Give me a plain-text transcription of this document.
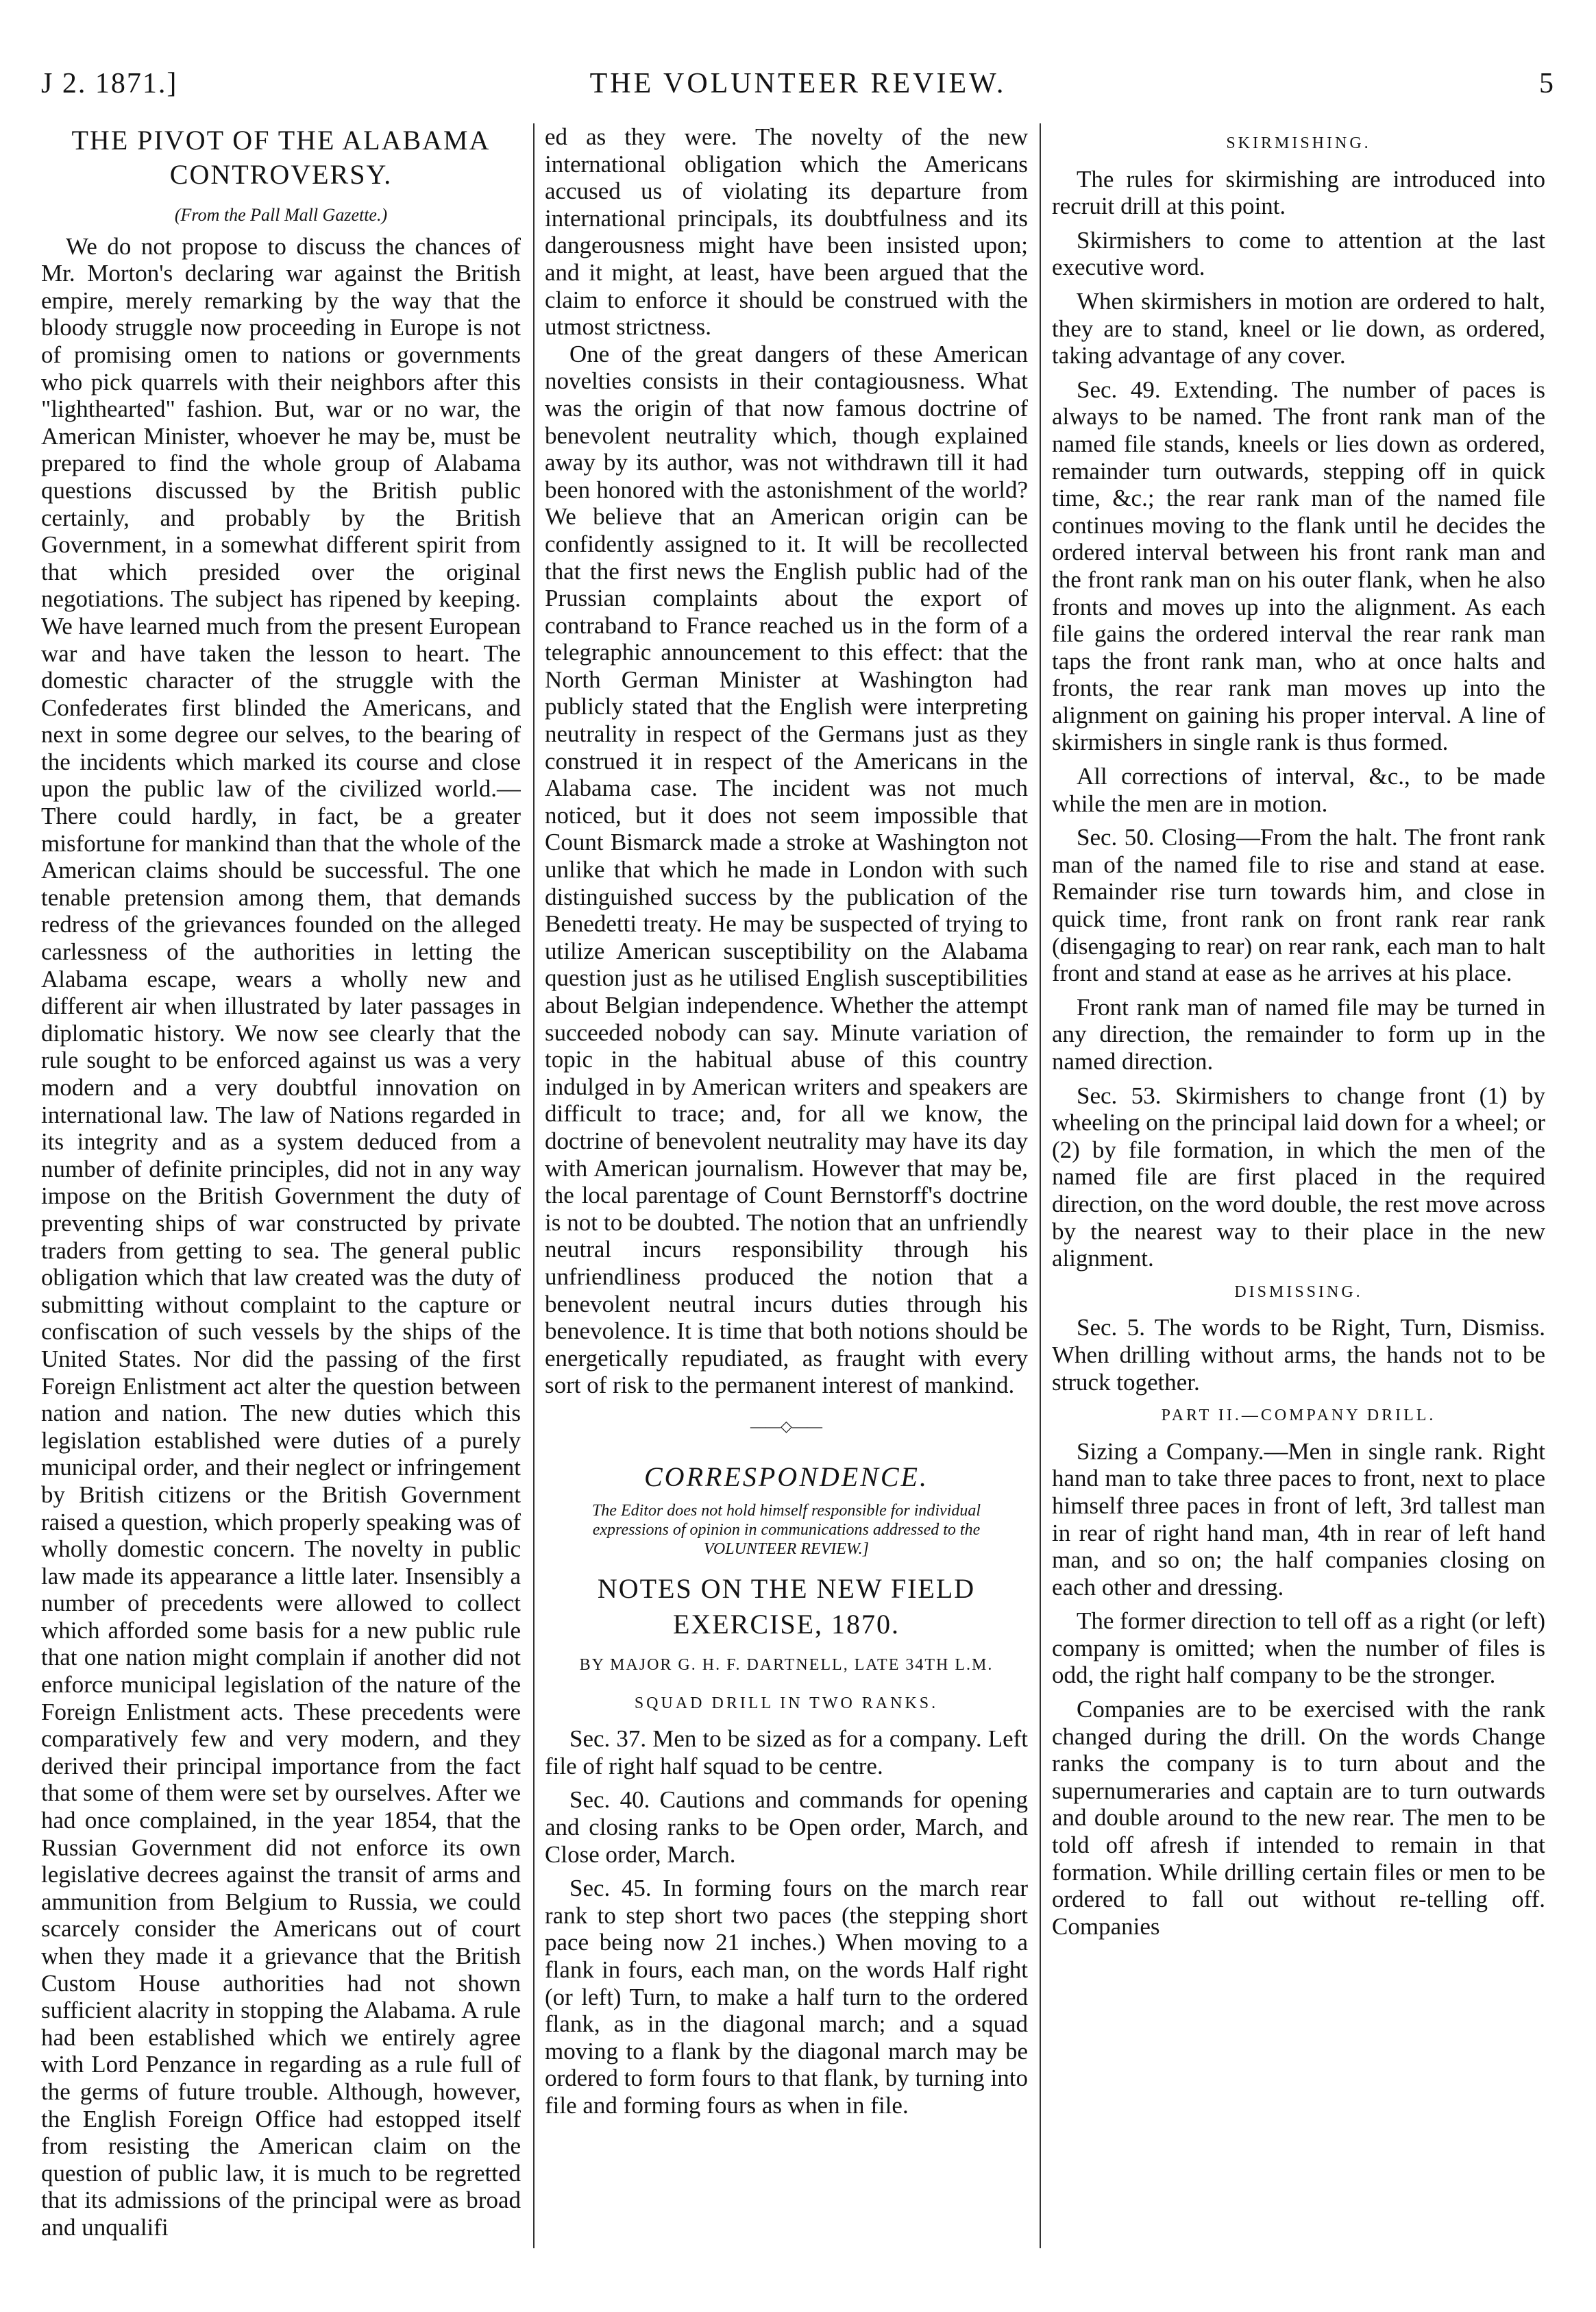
J 2. 1871.]	THE VOLUNTEER REVIEW.	5
THE PIVOT OF THE ALABAMA CONTROVERSY.
(From the Pall Mall Gazette.)

We do not propose to discuss the chances of Mr. Morton's declaring war against the British empire, merely remarking by the way that the bloody struggle now proceeding in Europe is not of promising omen to nations or governments who pick quarrels with their neighbors after this "lighthearted" fashion. But, war or no war, the American Minister, whoever he may be, must be prepared to find the whole group of Alabama questions discussed by the British public certainly, and probably by the British Government, in a somewhat different spirit from that which presided over the original negotiations. The subject has ripened by keeping. We have learned much from the present European war and have taken the lesson to heart. The domestic character of the struggle with the Confederates first blinded the Americans, and next in some degree our selves, to the bearing of the incidents which marked its course and close upon the public law of the civilized world.—There could hardly, in fact, be a greater misfortune for mankind than that the whole of the American claims should be successful. The one tenable pretension among them, that demands redress of the grievances founded on the alleged carlessness of the authorities in letting the Alabama escape, wears a wholly new and different air when illustrated by later passages in diplomatic history. We now see clearly that the rule sought to be enforced against us was a very modern and a very doubtful innovation on international law. The law of Nations regarded in its integrity and as a system deduced from a number of definite principles, did not in any way impose on the British Government the duty of preventing ships of war constructed by private traders from getting to sea. The general public obligation which that law created was the duty of submitting without complaint to the capture or confiscation of such vessels by the ships of the United States. Nor did the passing of the first Foreign Enlistment act alter the question between nation and nation. The new duties which this legislation established were duties of a purely municipal order, and their neglect or infringement by British citizens or the British Government raised a question, which properly speaking was of wholly domestic concern. The novelty in public law made its appearance a little later. Insensibly a number of precedents were allowed to collect which afforded some basis for a new public rule that one nation might complain if another did not enforce municipal legislation of the nature of the Foreign Enlistment acts. These precedents were comparatively few and very modern, and they derived their principal importance from the fact that some of them were set by ourselves. After we had once complained, in the year 1854, that the Russian Government did not enforce its own legislative decrees against the transit of arms and ammunition from Belgium to Russia, we could scarcely consider the Americans out of court when they made it a grievance that the British Custom House authorities had not shown sufficient alacrity in stopping the Alabama. A rule had been established which we entirely agree with Lord Penzance in regarding as a rule full of the germs of future trouble. Although, however, the English Foreign Office had estopped itself from resisting the American claim on the question of public law, it is much to be regretted that its admissions of the principal were as broad and unqualifi

ed as they were. The novelty of the new international obligation which the Americans accused us of violating its departure from international principals, its doubtfulness and its dangerousness might have been insisted upon; and it might, at least, have been argued that the claim to enforce it should be construed with the utmost strictness.

One of the great dangers of these American novelties consists in their contagiousness. What was the origin of that now famous doctrine of benevolent neutrality which, though explained away by its author, was not withdrawn till it had been honored with the astonishment of the world? We believe that an American origin can be confidently assigned to it. It will be recollected that the first news the English public had of the Prussian complaints about the export of contraband to France reached us in the form of a telegraphic announcement to this effect: that the North German Minister at Washington had publicly stated that the English were interpreting neutrality in respect of the Germans just as they construed it in respect of the Americans in the Alabama case. The incident was not much noticed, but it does not seem impossible that Count Bismarck made a stroke at Washington not unlike that which he made in London with such distinguished success by the publication of the Benedetti treaty. He may be suspected of trying to utilize American susceptibility on the Alabama question just as he utilised English susceptibilities about Belgian independence. Whether the attempt succeeded nobody can say. Minute variation of topic in the habitual abuse of this country indulged in by American writers and speakers are difficult to trace; and, for all we know, the doctrine of benevolent neutrality may have its day with American journalism. However that may be, the local parentage of Count Bernstorff's doctrine is not to be doubted. The notion that an unfriendly neutral incurs responsibility through his unfriendliness produced the notion that a benevolent neutral incurs duties through his benevolence. It is time that both notions should be energetically repudiated, as fraught with every sort of risk to the permanent interest of mankind.

——◇——
CORRESPONDENCE.
The Editor does not hold himself responsible for individual expressions of opinion in communications addressed to the VOLUNTEER REVIEW.]
NOTES ON THE NEW FIELD EXERCISE, 1870.
BY MAJOR G. H. F. DARTNELL, LATE 34TH L.M.
SQUAD DRILL IN TWO RANKS.

Sec. 37. Men to be sized as for a company. Left file of right half squad to be centre.

Sec. 40. Cautions and commands for opening and closing ranks to be Open order, March, and Close order, March.

Sec. 45. In forming fours on the march rear rank to step short two paces (the stepping short pace being now 21 inches.) When moving to a flank in fours, each man, on the words Half right (or left) Turn, to make a half turn to the ordered flank, as in the diagonal march; and a squad moving to a flank by the diagonal march may be ordered to form fours to that flank, by turning into file and forming fours as when in file.

SKIRMISHING.

The rules for skirmishing are introduced into recruit drill at this point.

Skirmishers to come to attention at the last executive word.

When skirmishers in motion are ordered to halt, they are to stand, kneel or lie down, as ordered, taking advantage of any cover.

Sec. 49. Extending. The number of paces is always to be named. The front rank man of the named file stands, kneels or lies down as ordered, remainder turn outwards, stepping off in quick time, &c.; the rear rank man of the named file continues moving to the flank until he decides the ordered interval between his front rank man and the front rank man on his outer flank, when he also fronts and moves up into the alignment. As each file gains the ordered interval the rear rank man taps the front rank man, who at once halts and fronts, the rear rank man moves up into the alignment on gaining his proper interval. A line of skirmishers in single rank is thus formed.

All corrections of interval, &c., to be made while the men are in motion.

Sec. 50. Closing—From the halt. The front rank man of the named file to rise and stand at ease. Remainder rise turn towards him, and close in quick time, front rank on front rank rear rank (disengaging to rear) on rear rank, each man to halt front and stand at ease as he arrives at his place.

Front rank man of named file may be turned in any direction, the remainder to form up in the named direction.

Sec. 53. Skirmishers to change front (1) by wheeling on the principal laid down for a wheel; or (2) by file formation, in which the men of the named file are first placed in the required direction, on the word double, the rest move across by the nearest way to their place in the new alignment.

DISMISSING.

Sec. 5. The words to be Right, Turn, Dismiss. When drilling without arms, the hands not to be struck together.

PART II.—COMPANY DRILL.

Sizing a Company.—Men in single rank. Right hand man to take three paces to front, next to place himself three paces in front of left, 3rd tallest man in rear of right hand man, 4th in rear of left hand man, and so on; the half companies closing on each other and dressing.

The former direction to tell off as a right (or left) company is omitted; when the number of files is odd, the right half company to be the stronger.

Companies are to be exercised with the rank changed during the drill. On the words Change ranks the company is to turn about and the supernumeraries and captain are to turn outwards and double around to the new rear. The men to be told off afresh if intended to remain in that formation. While drilling certain files or men to be ordered to fall out without re-telling off. Companies
